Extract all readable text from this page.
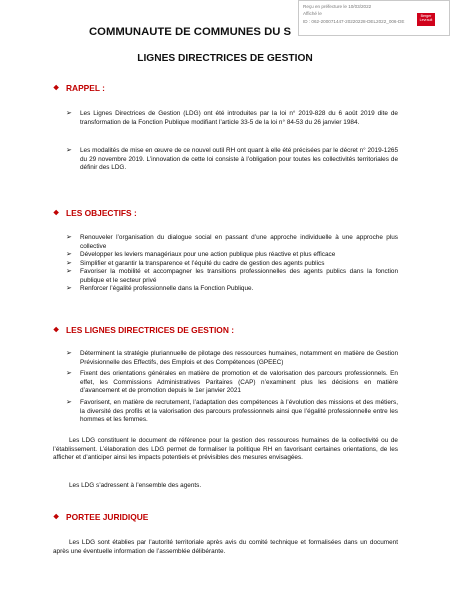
Reçu en préfecture le 10/03/2022
Affiché le
ID : 062-200071447-20220228-DEL2022_006-DE
Berger Levrault
COMMUNAUTE DE COMMUNES DU S
LIGNES DIRECTRICES DE GESTION
❖ RAPPEL :

➢	Les Lignes Directrices de Gestion (LDG) ont été introduites par la loi n° 2019-828 du 6 août 2019 dite de transformation de la Fonction Publique modifiant l’article 33-5 de la loi n° 84-53 du 26 janvier 1984.

➢	Les modalités de mise en œuvre de ce nouvel outil RH ont quant à elle été précisées par le décret n° 2019-1265 du 29 novembre 2019. L’innovation de cette loi consiste à l’obligation pour toutes les collectivités territoriales de définir des LDG.

❖ LES OBJECTIFS :

➢	Renouveler l’organisation du dialogue social en passant d’une approche individuelle à une approche plus collective

➢	Développer les leviers managériaux pour une action publique plus réactive et plus efficace

➢	Simplifier et garantir la transparence et l’équité du cadre de gestion des agents publics

➢	Favoriser la mobilité et accompagner les transitions professionnelles des agents publics dans la fonction publique et le secteur privé

➢	Renforcer l’égalité professionnelle dans la Fonction Publique.

❖ LES LIGNES DIRECTRICES DE GESTION :

➢	Déterminent la stratégie pluriannuelle de pilotage des ressources humaines, notamment en matière de Gestion Prévisionnelle des Effectifs, des Emplois et des Compétences (GPEEC)

➢	Fixent des orientations générales en matière de promotion et de valorisation des parcours professionnels. En effet, les Commissions Administratives Paritaires (CAP) n’examinent plus les décisions en matière d’avancement et de promotion depuis le 1er janvier 2021

➢	Favorisent, en matière de recrutement, l’adaptation des compétences à l’évolution des missions et des métiers, la diversité des profils et la valorisation des parcours professionnels ainsi que l’égalité professionnelle entre les hommes et les femmes.

Les LDG constituent le document de référence pour la gestion des ressources humaines de la collectivité ou de l’établissement. L’élaboration des LDG permet de formaliser la politique RH en favorisant certaines orientations, de les afficher et d’anticiper ainsi les impacts potentiels et prévisibles des mesures envisagées.

Les LDG s’adressent à l’ensemble des agents.

❖ PORTEE JURIDIQUE

Les LDG sont établies par l’autorité territoriale après avis du comité technique et formalisées dans un document après une éventuelle information de l’assemblée délibérante.
